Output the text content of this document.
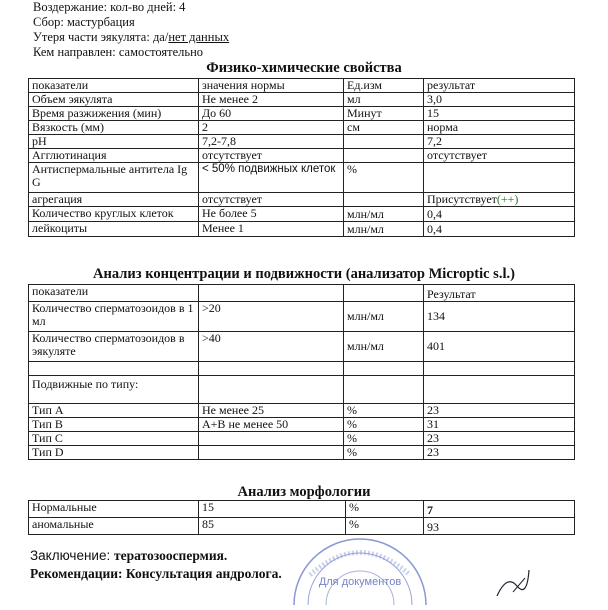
Воздержание: кол-во дней: 4
Сбор: мастурбация
Утеря части эякулята: да/нет данных
Кем направлен: самостоятельно
Физико-химические свойства
показатели	значения нормы	Ед.изм	результат
Объем эякулята	Не менее 2	мл	3,0
Время разжижения (мин)	До 60	Минут	15
Вязкость (мм)	2	см	норма
pH	7,2-7,8		7,2
Агглютинация	отсутствует		отсутствует
Антиспермальные антитела Ig G	< 50% подвижных клеток	%	
агрегация	отсутствует		Присутствует(++)
Количество круглых клеток	Не более 5	млн/мл	0,4
лейкоциты	Менее 1	млн/мл	0,4
Анализ концентрации и подвижности (анализатор Microptic s.l.)
показатели			Результат
Количество сперматозоидов в 1 мл	>20	млн/мл	134
Количество сперматозоидов в эякуляте	>40	млн/мл	401

Подвижные по типу:			
Тип А	Не менее 25	%	23
Тип В	А+В не менее 50	%	31
Тип С		%	23
Тип D		%	23
Анализ морфологии
Нормальные	15	%	7
аномальные	85	%	93
Заключение: тератозооспермия.
Рекомендации: Консультация андролога.
Для документов
